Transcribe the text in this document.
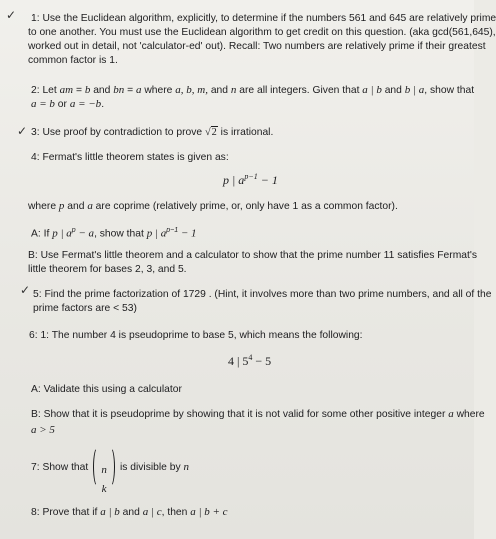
✓ 1: Use the Euclidean algorithm, explicitly, to determine if the numbers 561 and 645 are relatively prime
to one another. You must use the Euclidean algorithm to get credit on this question. (aka gcd(561,645),
worked out in detail, not 'calculator-ed' out). Recall: Two numbers are relatively prime if their greatest
common factor is 1.
2: Let am = b and bn = a where a, b, m, and n are all integers. Given that a | b and b | a, show that
a = b or a = −b.
✓ 3: Use proof by contradiction to prove √2 is irrational.
4: Fermat's little theorem states is given as:
p | $a^{p-1} - 1$
where p and a are coprime (relatively prime, or, only have 1 as a common factor).
A: If p | $a^p - a$, show that p | $a^{p-1} - 1$
B: Use Fermat's little theorem and a calculator to show that the prime number 11 satisfies Fermat's
little theorem for bases 2, 3, and 5.
✓ 5: Find the prime factorization of 1729 . (Hint, it involves more than two prime numbers, and all of the
prime factors are < 53)
6: 1: The number 4 is pseudoprime to base 5, which means the following:
4 | $5^4 - 5$
A: Validate this using a calculator
B: Show that it is pseudoprime by showing that it is not valid for some other positive integer a where
a > 5
7: Show that n
k
is divisible by n
8: Prove that if a | b and a | c, then a | b + c
